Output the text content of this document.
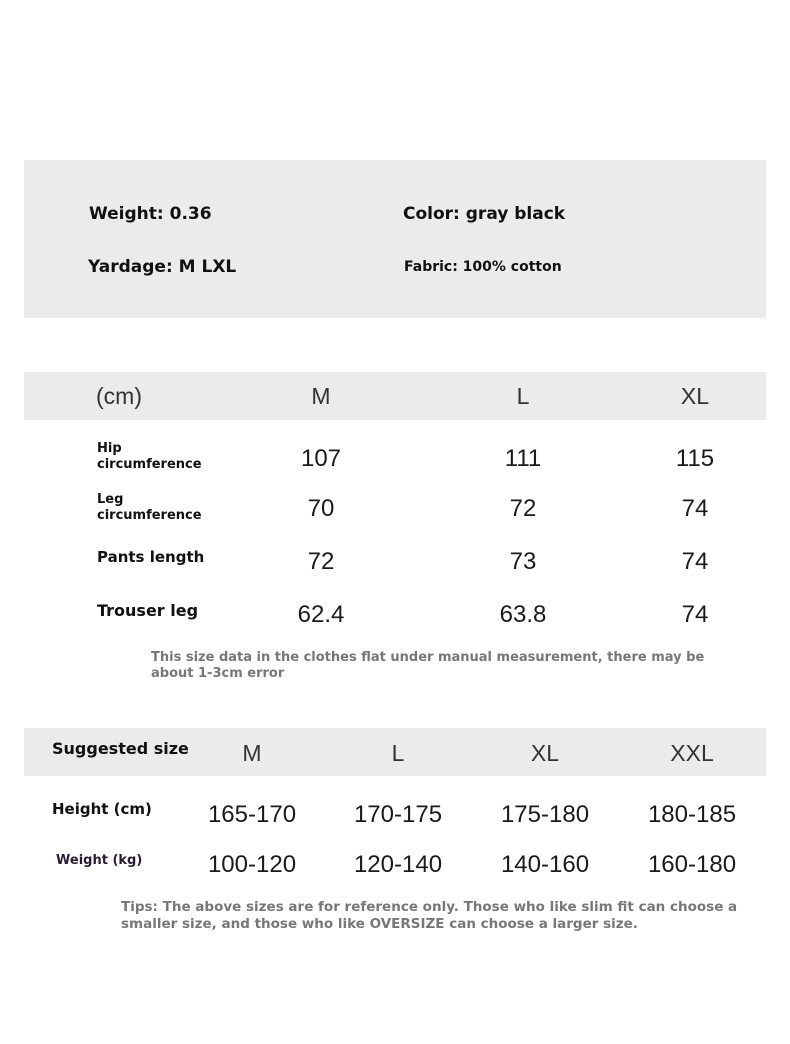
Weight: 0.36	Color: gray black
Yardage: M LXL	Fabric: 100% cotton
(cm)	M	L	XL
Hip
circumference	107	111	115
Leg
circumference	70	72	74
Pants length	72	73	74
Trouser leg	62.4	63.8	74
This size data in the clothes flat under manual measurement, there may be
about 1-3cm error
Suggested size M	L	XL	XXL
Height (cm) 165-170 170-175 175-180 180-185
Weight (kg)	100-120 120-140 140-160 160-180
Tips: The above sizes are for reference only. Those who like slim fit can choose a
smaller size, and those who like OVERSIZE can choose a larger size.
